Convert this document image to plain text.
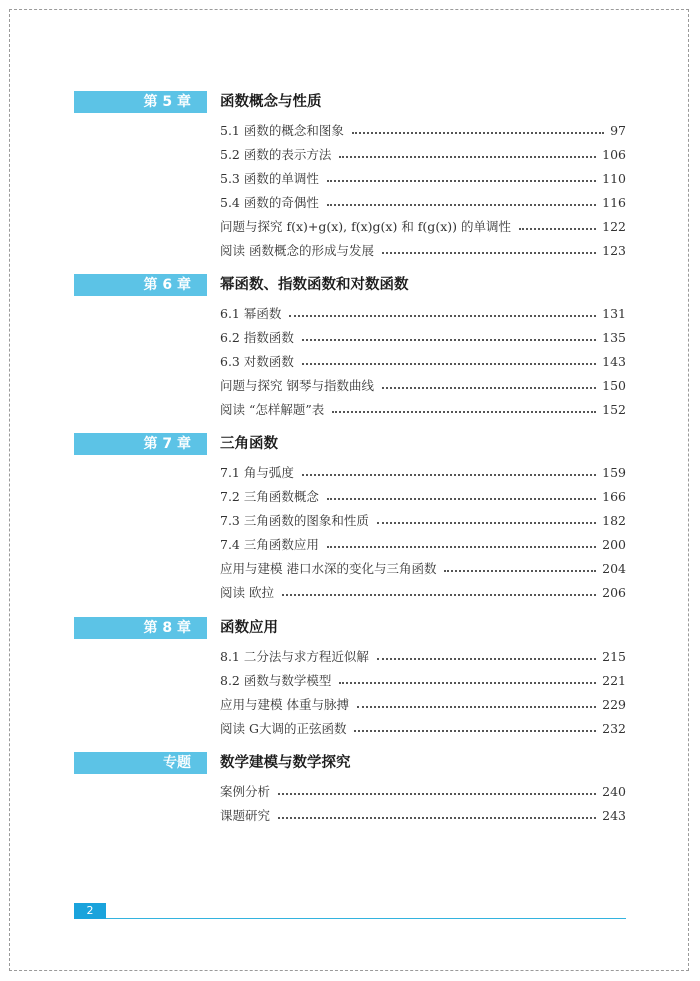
第 5 章	函数概念与性质
5.1 函数的概念和图象	97
5.2 函数的表示方法	106
5.3 函数的单调性	110
5.4 函数的奇偶性	116
问题与探究 f(x)+g(x), f(x)g(x) 和 f(g(x)) 的单调性	122
阅读 函数概念的形成与发展	123
第 6 章	幂函数、指数函数和对数函数
6.1 幂函数	131
6.2 指数函数	135
6.3 对数函数	143
问题与探究 钢琴与指数曲线	150
阅读 “怎样解题”表	152
第 7 章	三角函数
7.1 角与弧度	159
7.2 三角函数概念	166
7.3 三角函数的图象和性质	182
7.4 三角函数应用	200
应用与建模 港口水深的变化与三角函数	204
阅读 欧拉	206
第 8 章	函数应用
8.1 二分法与求方程近似解	215
8.2 函数与数学模型	221
应用与建模 体重与脉搏	229
阅读 G大调的正弦函数	232
专题	数学建模与数学探究
案例分析	240
课题研究	243
2
